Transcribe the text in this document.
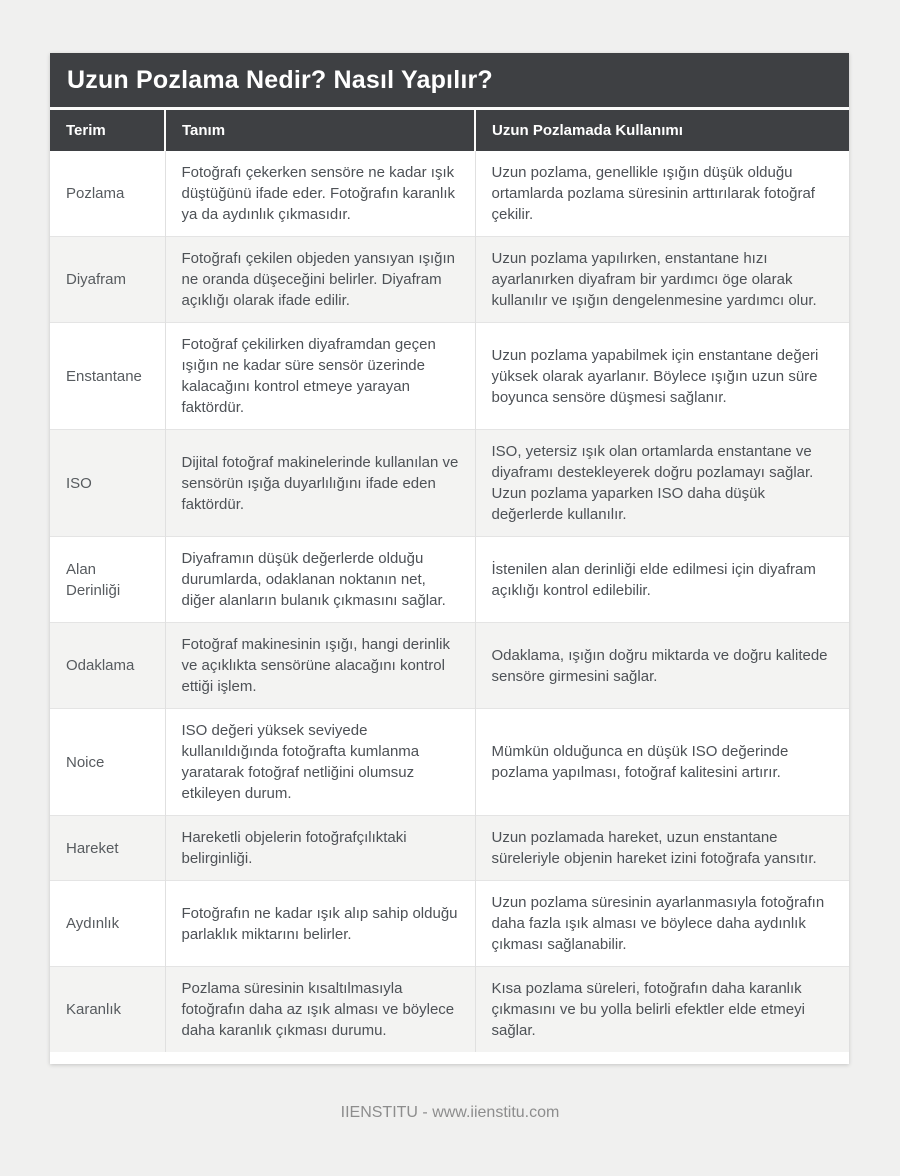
Uzun Pozlama Nedir? Nasıl Yapılır?
Terim	Tanım	Uzun Pozlamada Kullanımı
Pozlama	Fotoğrafı çekerken sensöre ne kadar ışık düştüğünü ifade eder. Fotoğrafın karanlık ya da aydınlık çıkmasıdır.	Uzun pozlama, genellikle ışığın düşük olduğu ortamlarda pozlama süresinin arttırılarak fotoğraf çekilir.
Diyafram	Fotoğrafı çekilen objeden yansıyan ışığın ne oranda düşeceğini belirler. Diyafram açıklığı olarak ifade edilir.	Uzun pozlama yapılırken, enstantane hızı ayarlanırken diyafram bir yardımcı öge olarak kullanılır ve ışığın dengelenmesine yardımcı olur.
Enstantane	Fotoğraf çekilirken diyaframdan geçen ışığın ne kadar süre sensör üzerinde kalacağını kontrol etmeye yarayan faktördür.	Uzun pozlama yapabilmek için enstantane değeri yüksek olarak ayarlanır. Böylece ışığın uzun süre boyunca sensöre düşmesi sağlanır.
ISO	Dijital fotoğraf makinelerinde kullanılan ve sensörün ışığa duyarlılığını ifade eden faktördür.	ISO, yetersiz ışık olan ortamlarda enstantane ve diyaframı destekleyerek doğru pozlamayı sağlar. Uzun pozlama yaparken ISO daha düşük değerlerde kullanılır.
Alan Derinliği	Diyaframın düşük değerlerde olduğu durumlarda, odaklanan noktanın net, diğer alanların bulanık çıkmasını sağlar.	İstenilen alan derinliği elde edilmesi için diyafram açıklığı kontrol edilebilir.
Odaklama	Fotoğraf makinesinin ışığı, hangi derinlik ve açıklıkta sensörüne alacağını kontrol ettiği işlem.	Odaklama, ışığın doğru miktarda ve doğru kalitede sensöre girmesini sağlar.
Noice	ISO değeri yüksek seviyede kullanıldığında fotoğrafta kumlanma yaratarak fotoğraf netliğini olumsuz etkileyen durum.	Mümkün olduğunca en düşük ISO değerinde pozlama yapılması, fotoğraf kalitesini artırır.
Hareket	Hareketli objelerin fotoğrafçılıktaki belirginliği.	Uzun pozlamada hareket, uzun enstantane süreleriyle objenin hareket izini fotoğrafa yansıtır.
Aydınlık	Fotoğrafın ne kadar ışık alıp sahip olduğu parlaklık miktarını belirler.	Uzun pozlama süresinin ayarlanmasıyla fotoğrafın daha fazla ışık alması ve böylece daha aydınlık çıkması sağlanabilir.
Karanlık	Pozlama süresinin kısaltılmasıyla fotoğrafın daha az ışık alması ve böylece daha karanlık çıkması durumu.	Kısa pozlama süreleri, fotoğrafın daha karanlık çıkmasını ve bu yolla belirli efektler elde etmeyi sağlar.
IIENSTITU - www.iienstitu.com
